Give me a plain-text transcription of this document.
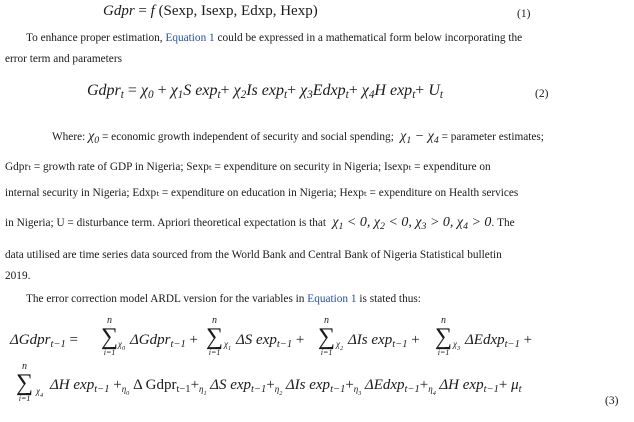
Gdpr = f (Sexp, Isexp, Edxp, Hexp)	(1)
To enhance proper estimation, Equation 1 could be expressed in a mathematical form below incorporating the
error term and parameters
Gdpr$_t$ = $\chi_0 + \chi_1S$ $\exp_t+ \chi_2Is$ $\exp_t+$ $\chi_3Edxp_t+ \chi_4H$ $\exp_t+ U_t$	(2)
Where: $\chi_0$ = economic growth independent of security and social spending;  $\chi_1 - \chi_4$ = parameter estimates;
Gdprₜ = growth rate of GDP in Nigeria; Sexpₜ = expenditure on security in Nigeria; Isexpₜ = expenditure on
internal security in Nigeria; Edxpₜ = expenditure on education in Nigeria; Hexpₜ = expenditure on Health services
in Nigeria; U = disturbance term. Apriori theoretical expectation is that  $\chi_1 < 0$, $\chi_2 < 0$, $\chi_3 > 0$, $\chi_4 > 0$. The
data utilised are time series data sourced from the World Bank and Central Bank of Nigeria Statistical bulletin
2019.
The error correction model ARDL version for the variables in Equation 1 is stated thus:
ΔGdpr$_{t-1}$ =
n
∑
i=1
$\chi_0$
ΔGdpr$_{t-1}$ +
n
∑
i=1
$\chi_1$
ΔS $\exp_{t-1}$ +
n
∑
i=1
$\chi_2$
ΔIs $\exp_{t-1}$ +
n
∑
i=1
$\chi_3$
ΔEdxp$_{t-1}$ +
n
∑
i=1
$\chi_4$
ΔH $\exp_{t-1} +_{\eta_0}$ Δ $Gdpr_{t-1}+_{\eta_1}$ ΔS $\exp_{t-1}+_{\eta_2}$ ΔIs $\exp_{t-1}+_{\eta_3}$ $\Delta Edxp_{t-1}+_{\eta_4}$ ΔH $\exp_{t-1}+ \mu_t$
(3)
